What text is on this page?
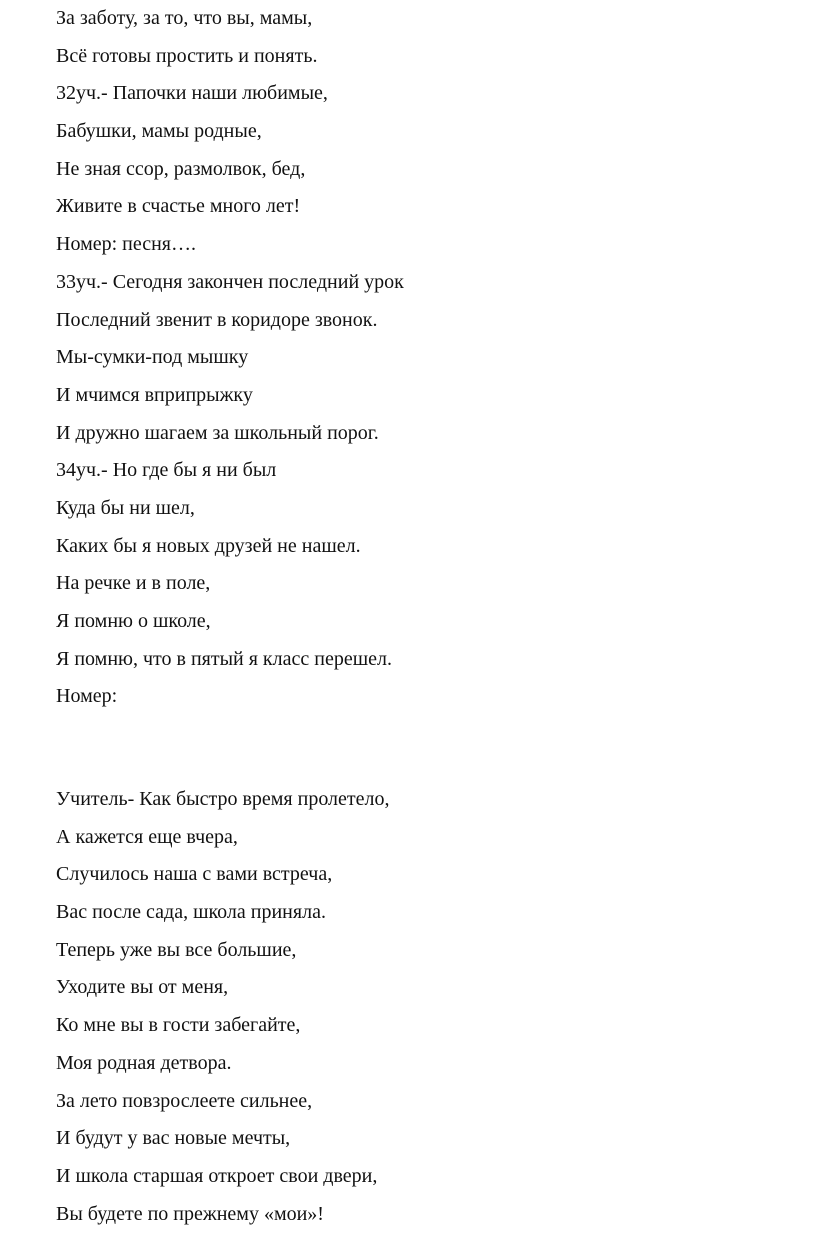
За заботу, за то, что вы, мамы,

Всё готовы простить и понять.

32уч.- Папочки наши любимые,

Бабушки, мамы родные,

Не зная ссор, размолвок, бед,

Живите в счастье много лет!

Номер: песня….

33уч.- Сегодня закончен последний урок

Последний звенит в коридоре звонок.

Мы-сумки-под мышку

И мчимся вприпрыжку

И дружно шагаем за школьный порог.

34уч.- Но где бы я ни был

Куда бы ни шел,

Каких бы я новых друзей не нашел.

На речке и в поле,

Я помню о школе,

Я помню, что в пятый я класс перешел.

Номер:

Учитель- Как быстро время пролетело,

А кажется еще вчера,

Случилось наша с вами встреча,

Вас после сада, школа приняла.

Теперь уже вы все большие,

Уходите вы от меня,

Ко мне вы в гости забегайте,

Моя родная детвора.

За лето повзрослеете сильнее,

И будут у вас новые мечты,

И школа старшая откроет свои двери,

Вы будете по прежнему «мои»!
